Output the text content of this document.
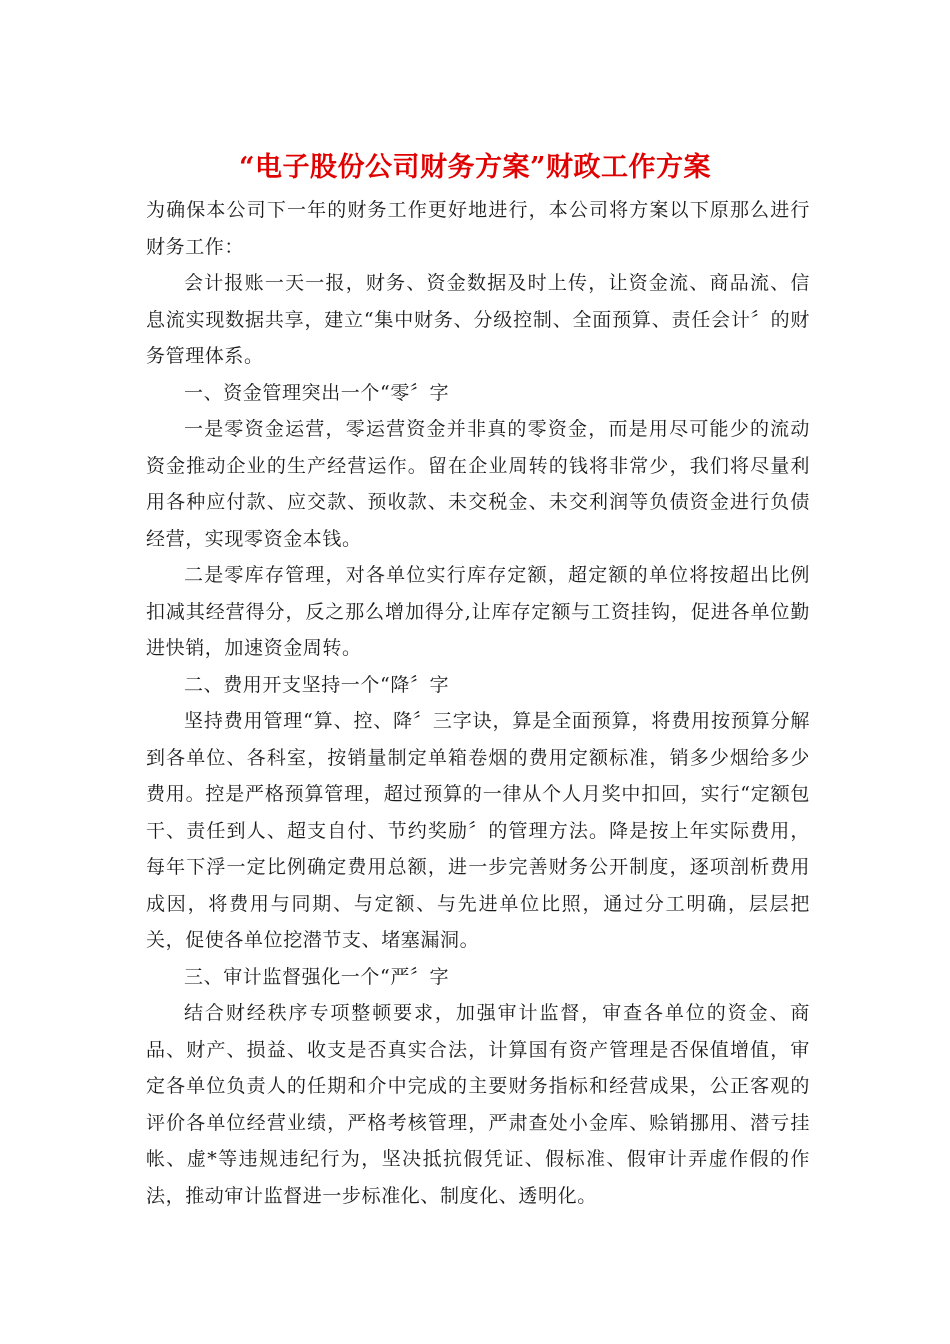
“电子股份公司财务方案”财政工作方案

为确保本公司下一年的财务工作更好地进行，本公司将方案以下原那么进行财务工作：

会计报账一天一报，财务、资金数据及时上传，让资金流、商品流、信息流实现数据共享，建立“集中财务、分级控制、全面预算、责任会计〞的财务管理体系。

一、资金管理突出一个“零〞字

一是零资金运营，零运营资金并非真的零资金，而是用尽可能少的流动资金推动企业的生产经营运作。留在企业周转的钱将非常少，我们将尽量利用各种应付款、应交款、预收款、未交税金、未交利润等负债资金进行负债经营，实现零资金本钱。

二是零库存管理，对各单位实行库存定额，超定额的单位将按超出比例扣减其经营得分，反之那么增加得分,让库存定额与工资挂钩，促进各单位勤进快销，加速资金周转。

二、费用开支坚持一个“降〞字

坚持费用管理“算、控、降〞三字诀，算是全面预算，将费用按预算分解到各单位、各科室，按销量制定单箱卷烟的费用定额标准，销多少烟给多少费用。控是严格预算管理，超过预算的一律从个人月奖中扣回，实行“定额包干、责任到人、超支自付、节约奖励〞的管理方法。降是按上年实际费用，每年下浮一定比例确定费用总额，进一步完善财务公开制度，逐项剖析费用成因，将费用与同期、与定额、与先进单位比照，通过分工明确，层层把关，促使各单位挖潜节支、堵塞漏洞。

三、审计监督强化一个“严〞字

结合财经秩序专项整顿要求，加强审计监督，审查各单位的资金、商品、财产、损益、收支是否真实合法，计算国有资产管理是否保值增值，审定各单位负责人的任期和介中完成的主要财务指标和经营成果，公正客观的评价各单位经营业绩，严格考核管理，严肃查处小金库、赊销挪用、潜亏挂帐、虚*等违规违纪行为，坚决抵抗假凭证、假标准、假审计弄虚作假的作法，推动审计监督进一步标准化、制度化、透明化。
